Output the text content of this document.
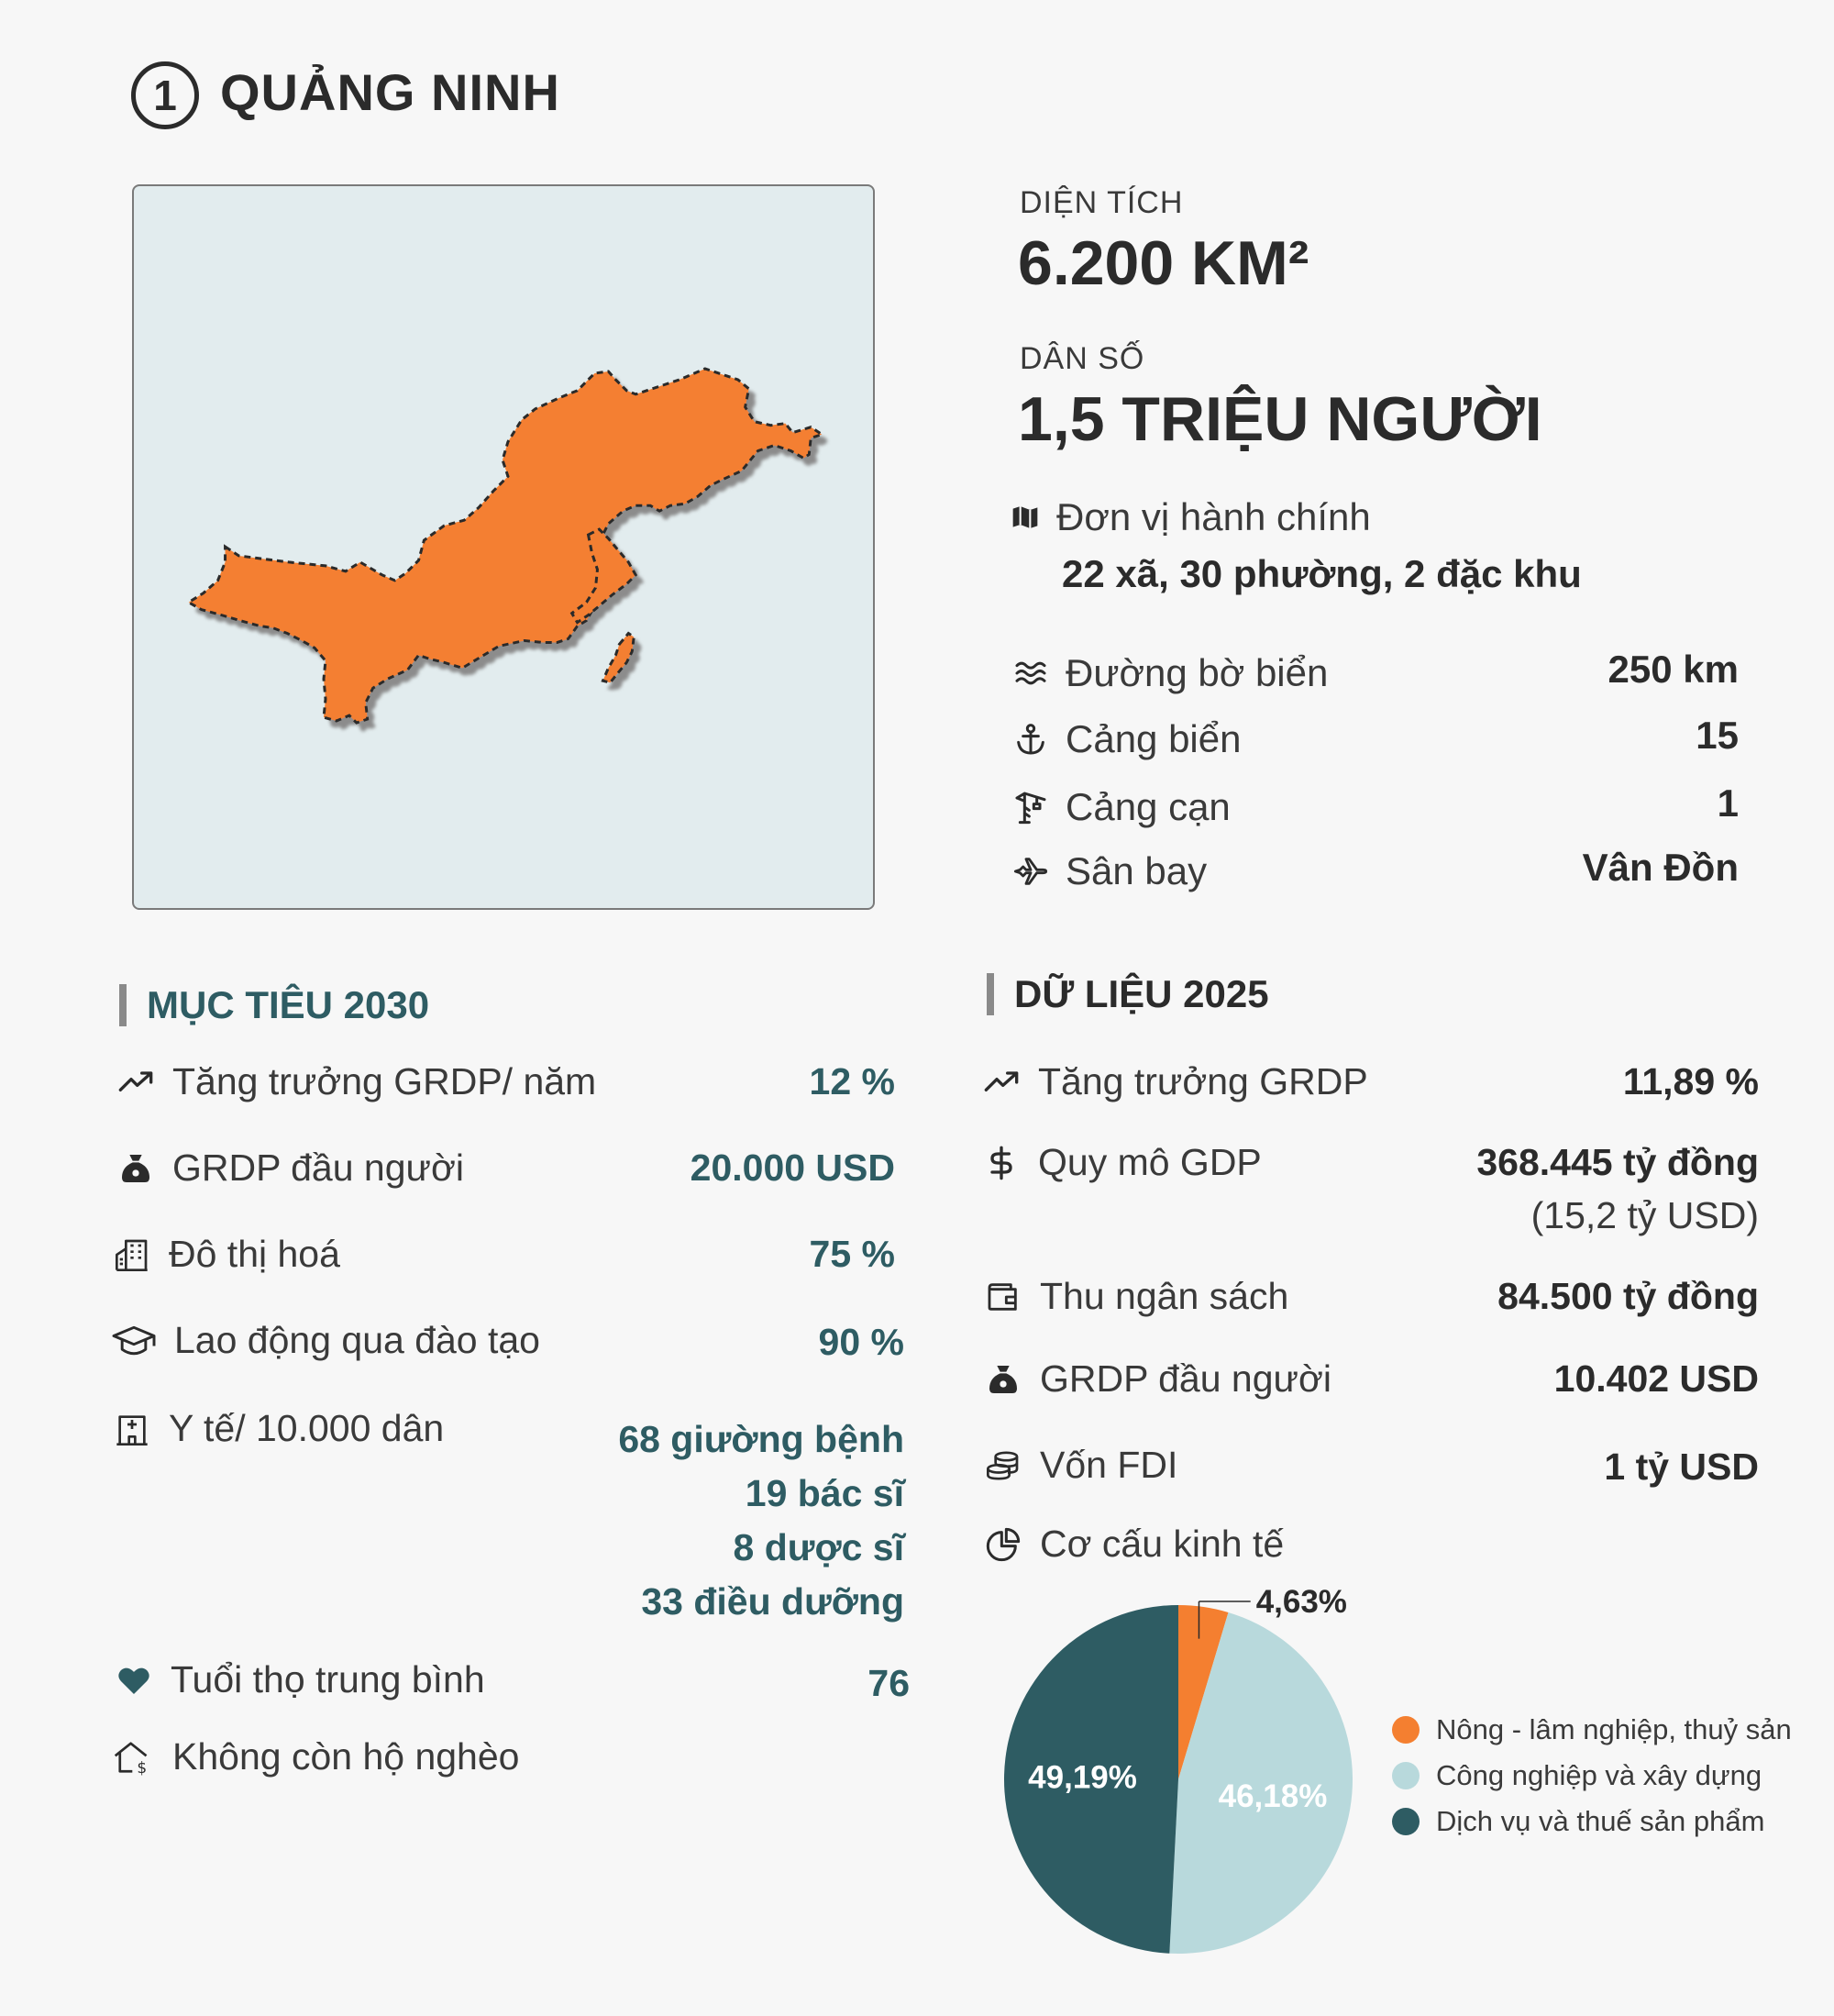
1 QUẢNG NINH
DIỆN TÍCH
6.200 KM²
DÂN SỐ
1,5 TRIỆU NGƯỜI
Đơn vị hành chính
22 xã, 30 phường, 2 đặc khu
Đường bờ biển	250 km
Cảng biển	15
Cảng cạn	1
Sân bay	Vân Đồn
MỤC TIÊU 2030
Tăng trưởng GRDP/ năm	12 %
GRDP đầu người	20.000 USD
Đô thị hoá	75 %
Lao động qua đào tạo	90 %
Y tế/ 10.000 dân	68 giường bệnh
19 bác sĩ
8 dược sĩ
33 điều dưỡng
Tuổi thọ trung bình	76
$ Không còn hộ nghèo
DỮ LIỆU 2025
Tăng trưởng GRDP	11,89 %
Quy mô GDP	368.445 tỷ đồng
(15,2 tỷ USD)
Thu ngân sách	84.500 tỷ đồng
GRDP đầu người	10.402 USD
Vốn FDI	1 tỷ USD
Cơ cấu kinh tế
4,63%
46,18%
49,19%
Nông - lâm nghiệp, thuỷ sản
Công nghiệp và xây dựng
Dịch vụ và thuế sản phẩm
